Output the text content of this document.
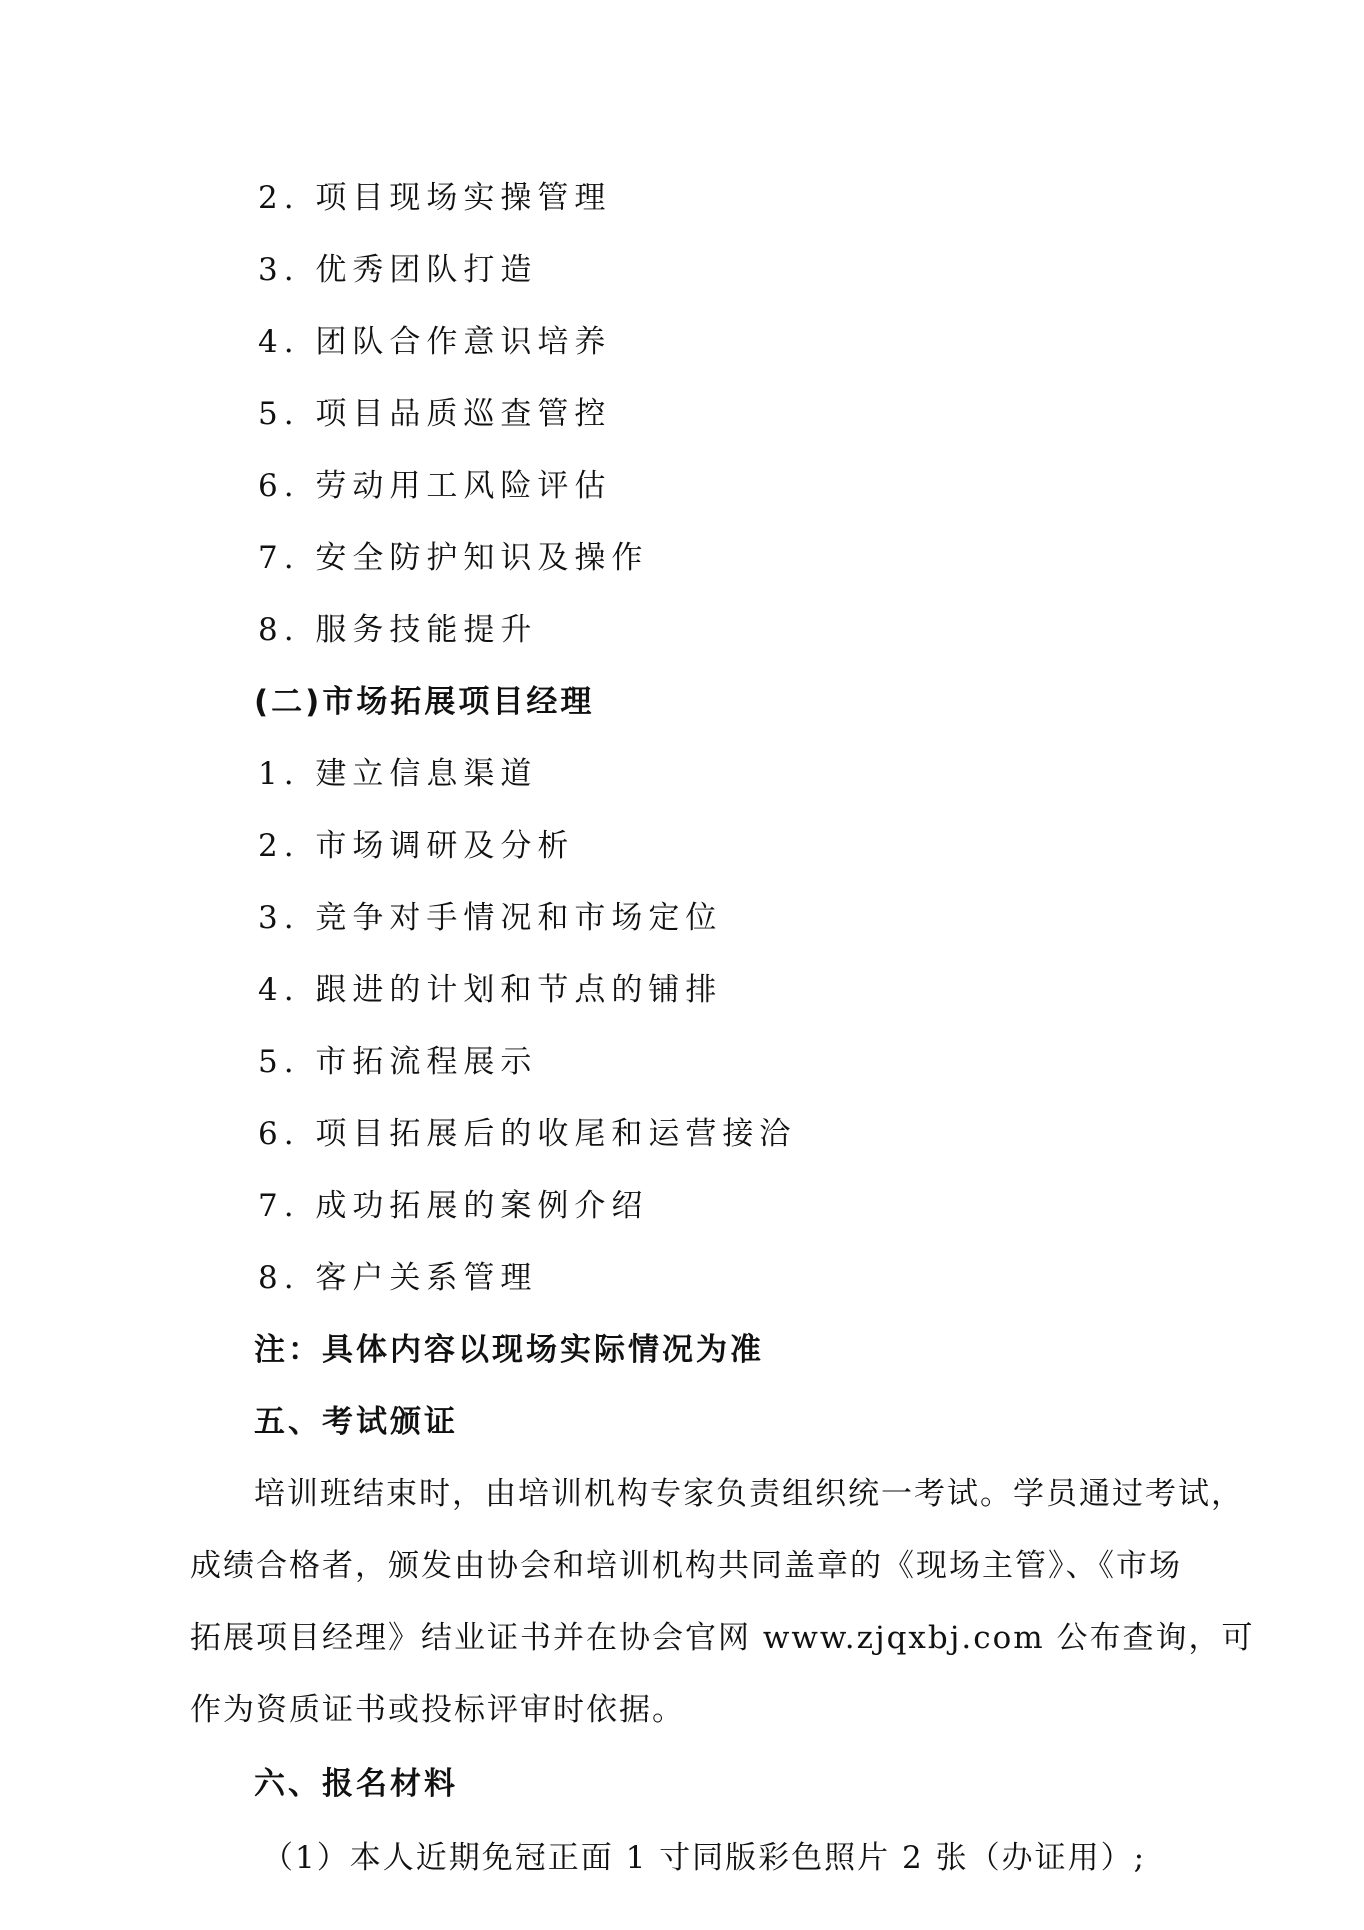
2. 项目现场实操管理
3. 优秀团队打造
4. 团队合作意识培养
5. 项目品质巡查管控
6. 劳动用工风险评估
7. 安全防护知识及操作
8. 服务技能提升
(二)市场拓展项目经理
1. 建立信息渠道
2. 市场调研及分析
3. 竞争对手情况和市场定位
4. 跟进的计划和节点的铺排
5. 市拓流程展示
6. 项目拓展后的收尾和运营接洽
7. 成功拓展的案例介绍
8. 客户关系管理
注：具体内容以现场实际情况为准
五、考试颁证
培训班结束时，由培训机构专家负责组织统一考试。学员通过考试，
成绩合格者，颁发由协会和培训机构共同盖章的《现场主管》、《市场
拓展项目经理》结业证书并在协会官网 www.zjqxbj.com 公布查询，可
作为资质证书或投标评审时依据。
六、报名材料
（1）本人近期免冠正面 1 寸同版彩色照片 2 张（办证用）;
